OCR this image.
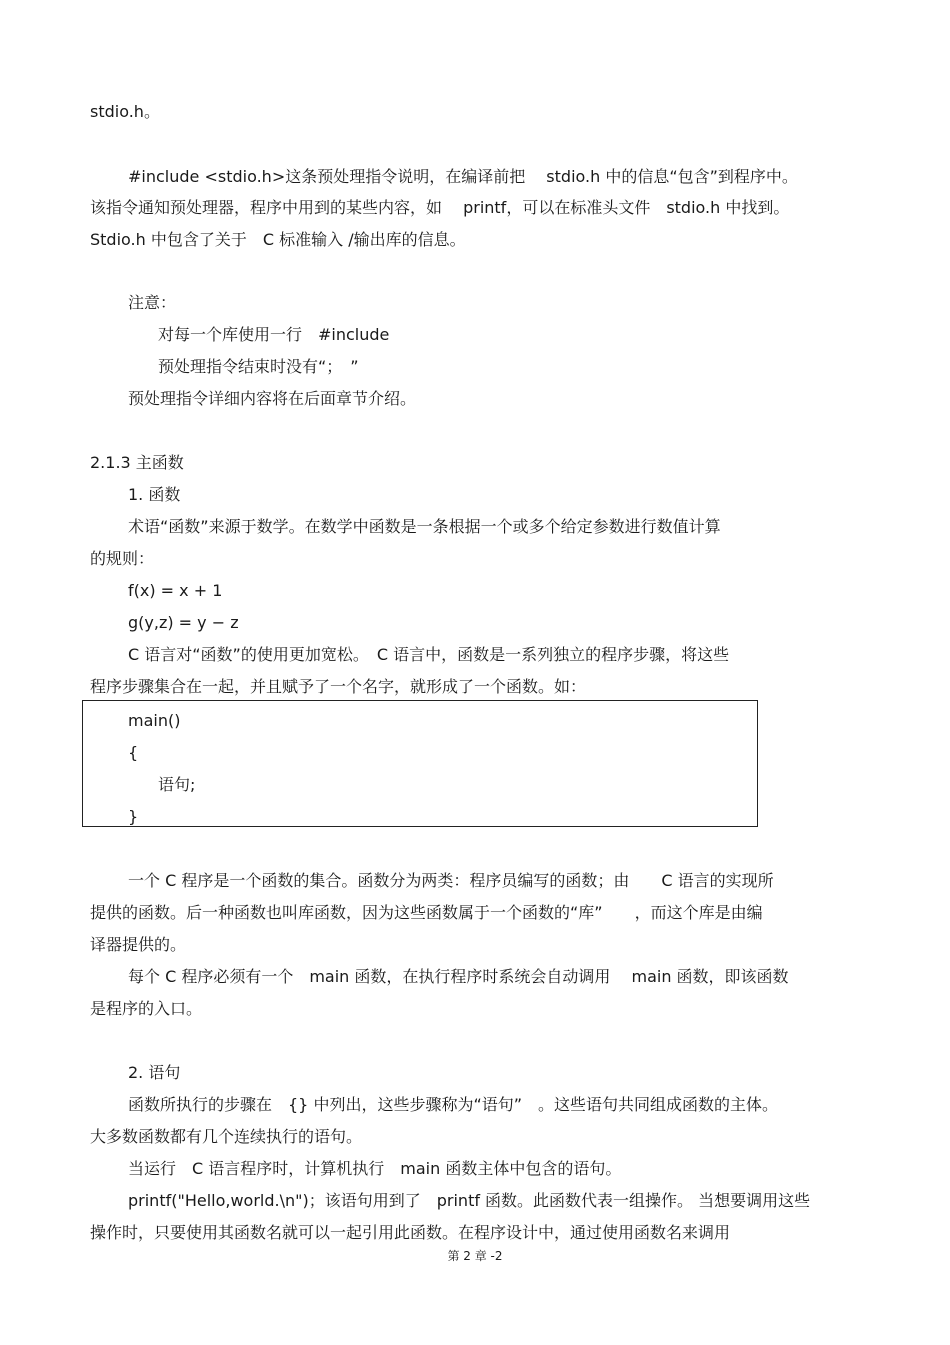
stdio.h。
#include <stdio.h>这条预处理指令说明，在编译前把　 stdio.h 中的信息“包含”到程序中。
该指令通知预处理器，程序中用到的某些内容，如　 printf，可以在标准头文件　stdio.h 中找到。
Stdio.h 中包含了关于　C 标准输入 /输出库的信息。
注意：
对每一个库使用一行　#include
预处理指令结束时没有“；　”
预处理指令详细内容将在后面章节介绍。
2.1.3 主函数
1. 函数
术语“函数”来源于数学。在数学中函数是一条根据一个或多个给定参数进行数值计算
的规则：
f(x) = x + 1
g(y,z) = y − z
C 语言对“函数”的使用更加宽松。　C 语言中，函数是一系列独立的程序步骤，将这些
程序步骤集合在一起，并且赋予了一个名字，就形成了一个函数。如：
main()
{
语句;
}
一个 C 程序是一个函数的集合。函数分为两类：程序员编写的函数；由　　C 语言的实现所
提供的函数。后一种函数也叫库函数，因为这些函数属于一个函数的“库”　　，而这个库是由编
译器提供的。
每个 C 程序必须有一个　main 函数，在执行程序时系统会自动调用　 main 函数，即该函数
是程序的入口。
2. 语句
函数所执行的步骤在　{} 中列出，这些步骤称为“语句”　。这些语句共同组成函数的主体。
大多数函数都有几个连续执行的语句。
当运行　C 语言程序时，计算机执行　main 函数主体中包含的语句。
printf("Hello,world.\n")；该语句用到了　printf 函数。此函数代表一组操作。 当想要调用这些
操作时，只要使用其函数名就可以一起引用此函数。在程序设计中，通过使用函数名来调用
第 2 章 -2
